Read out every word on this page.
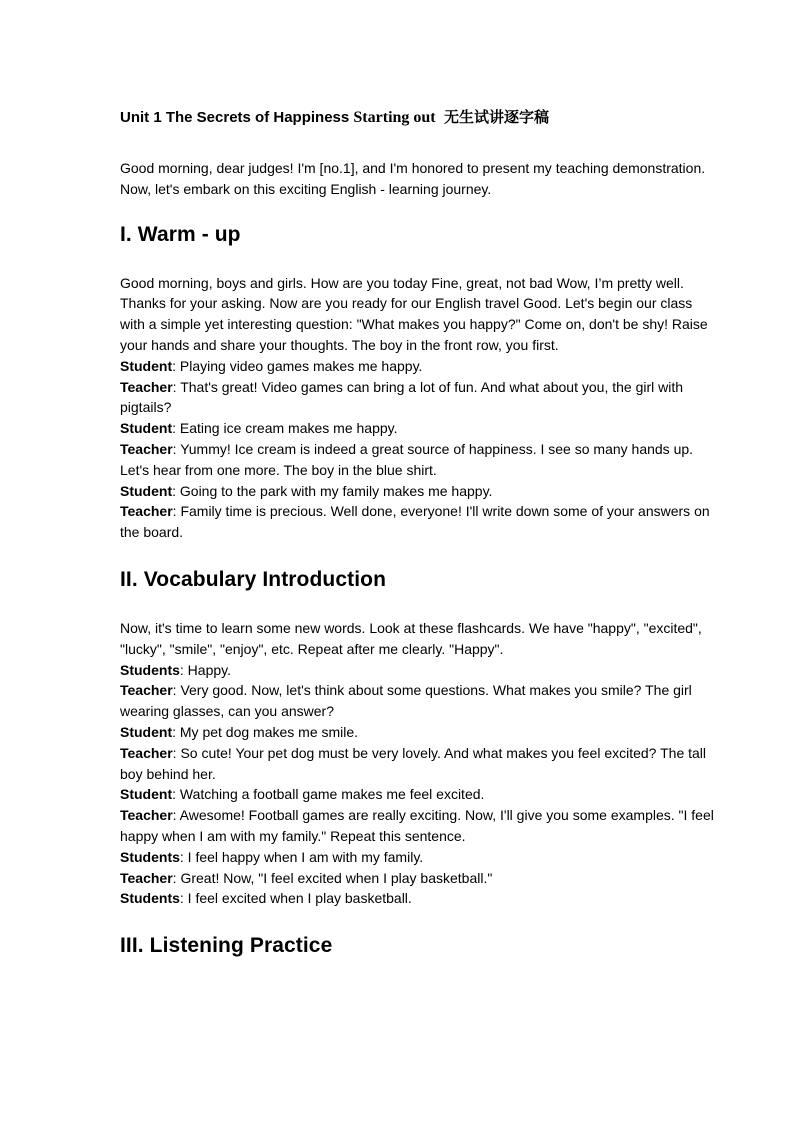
Unit 1 The Secrets of Happiness Starting out 无生试讲逐字稿

Good morning, dear judges! I'm [no.1], and I'm honored to present my teaching demonstration. Now, let's embark on this exciting English - learning journey.

I. Warm - up

Good morning, boys and girls. How are you today Fine, great, not bad Wow, I’m pretty well. Thanks for your asking. Now are you ready for our English travel Good. Let's begin our class with a simple yet interesting question: "What makes you happy?" Come on, don't be shy! Raise your hands and share your thoughts. The boy in the front row, you first.

Student: Playing video games makes me happy.

Teacher: That's great! Video games can bring a lot of fun. And what about you, the girl with pigtails?

Student: Eating ice cream makes me happy.

Teacher: Yummy! Ice cream is indeed a great source of happiness. I see so many hands up. Let's hear from one more. The boy in the blue shirt.

Student: Going to the park with my family makes me happy.

Teacher: Family time is precious. Well done, everyone! I'll write down some of your answers on the board.

II. Vocabulary Introduction

Now, it's time to learn some new words. Look at these flashcards. We have "happy", "excited", "lucky", "smile", "enjoy", etc. Repeat after me clearly. "Happy".

Students: Happy.

Teacher: Very good. Now, let's think about some questions. What makes you smile? The girl wearing glasses, can you answer?

Student: My pet dog makes me smile.

Teacher: So cute! Your pet dog must be very lovely. And what makes you feel excited? The tall boy behind her.

Student: Watching a football game makes me feel excited.

Teacher: Awesome! Football games are really exciting. Now, I'll give you some examples. "I feel happy when I am with my family." Repeat this sentence.

Students: I feel happy when I am with my family.

Teacher: Great! Now, "I feel excited when I play basketball."

Students: I feel excited when I play basketball.

III. Listening Practice
